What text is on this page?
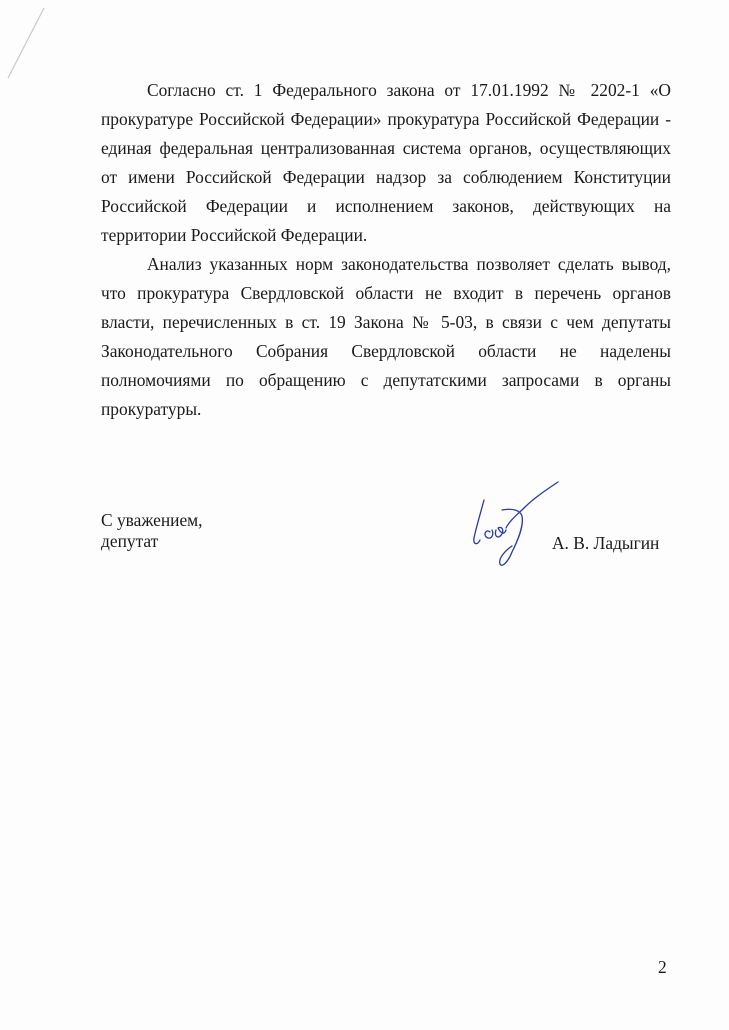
Согласно ст. 1 Федерального закона от 17.01.1992 № 2202-1 «О прокуратуре Российской Федерации» прокуратура Российской Федерации - единая федеральная централизованная система органов, осуществляющих от имени Российской Федерации надзор за соблюдением Конституции Российской Федерации и исполнением законов, действующих на территории Российской Федерации.

Анализ указанных норм законодательства позволяет сделать вывод, что прокуратура Свердловской области не входит в перечень органов власти, перечисленных в ст. 19 Закона № 5-03, в связи с чем депутаты Законодательного Собрания Свердловской области не наделены полномочиями по обращению с депутатскими запросами в органы прокуратуры.

С уважением,
депутат	А. В. Ладыгин
2
